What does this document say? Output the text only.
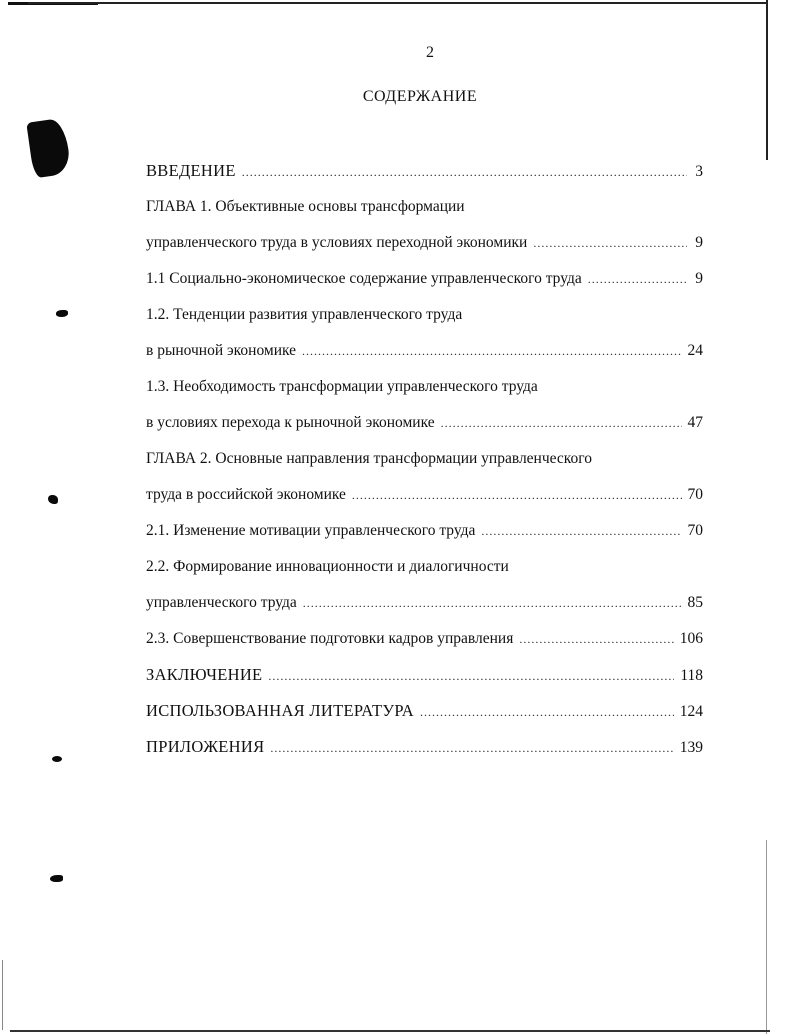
2
СОДЕРЖАНИЕ
ВВЕДЕНИЕ .....	3
ГЛАВА 1. Объективные основы трансформации
управленческого труда в условиях переходной экономики .....	9
1.1 Социально-экономическое содержание управленческого труда .....	9
1.2. Тенденции развития управленческого труда
в рыночной экономике .....	24
1.3. Необходимость трансформации управленческого труда
в условиях перехода к рыночной экономике .....	47
ГЛАВА 2. Основные направления трансформации управленческого
труда в российской экономике .....	70
2.1. Изменение мотивации управленческого труда .....	70
2.2. Формирование инновационности и диалогичности
управленческого труда .....	85
2.3. Совершенствование подготовки кадров управления .....	106
ЗАКЛЮЧЕНИЕ .....	118
ИСПОЛЬЗОВАННАЯ ЛИТЕРАТУРА .....	124
ПРИЛОЖЕНИЯ .....	139
